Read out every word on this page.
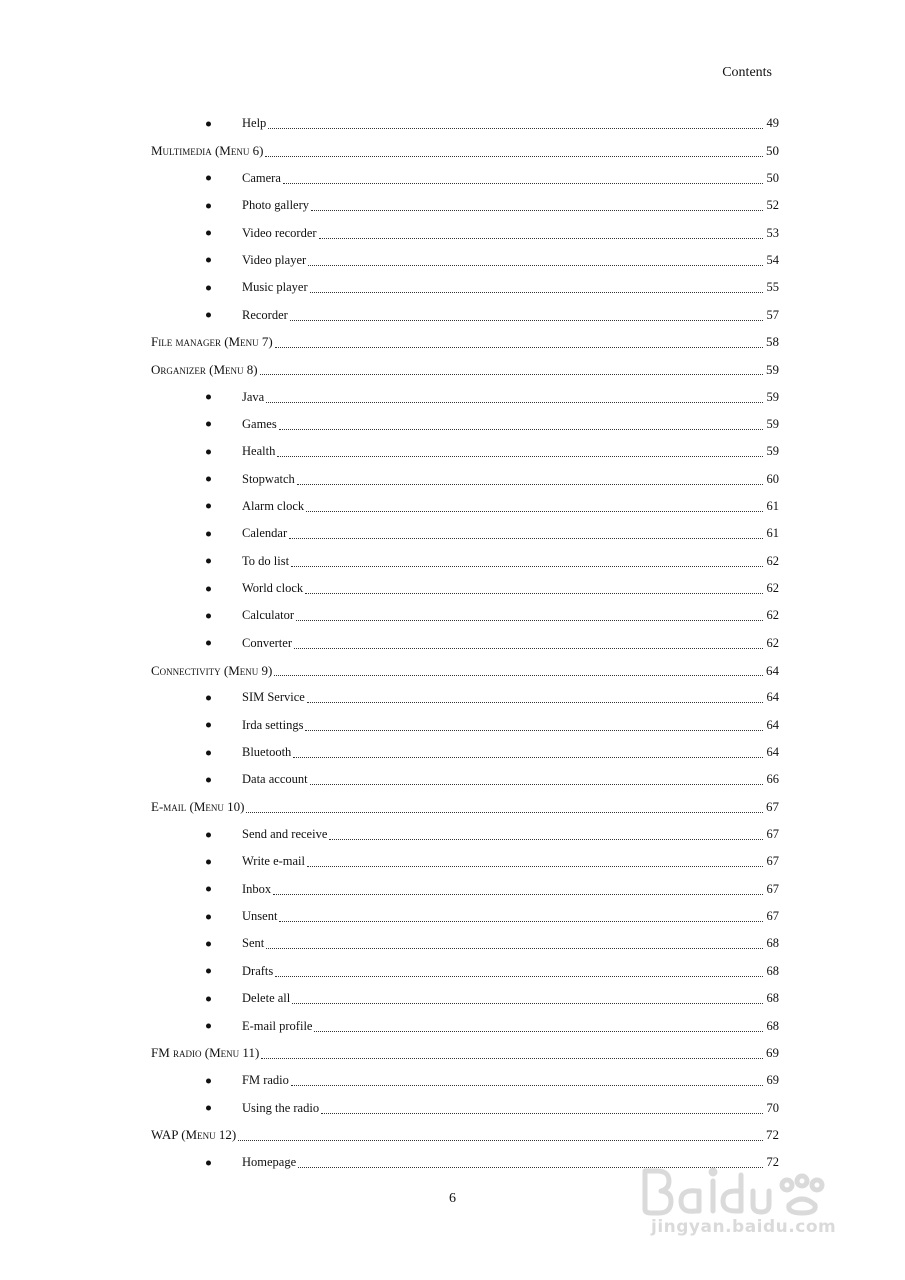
Contents
Help	49
Multimedia (Menu 6)	50
Camera	50
Photo gallery	52
Video recorder	53
Video player	54
Music player	55
Recorder	57
File manager (Menu 7)	58
Organizer (Menu 8)	59
Java	59
Games	59
Health	59
Stopwatch	60
Alarm clock	61
Calendar	61
To do list	62
World clock	62
Calculator	62
Converter	62
Connectivity (Menu 9)	64
SIM Service	64
Irda settings	64
Bluetooth	64
Data account	66
E-mail (Menu 10)	67
Send and receive	67
Write e-mail	67
Inbox	67
Unsent	67
Sent	68
Drafts	68
Delete all	68
E-mail profile	68
FM radio (Menu 11)	69
FM radio	69
Using the radio	70
WAP (Menu 12)	72
Homepage	72
6
jingyan.baidu.com
